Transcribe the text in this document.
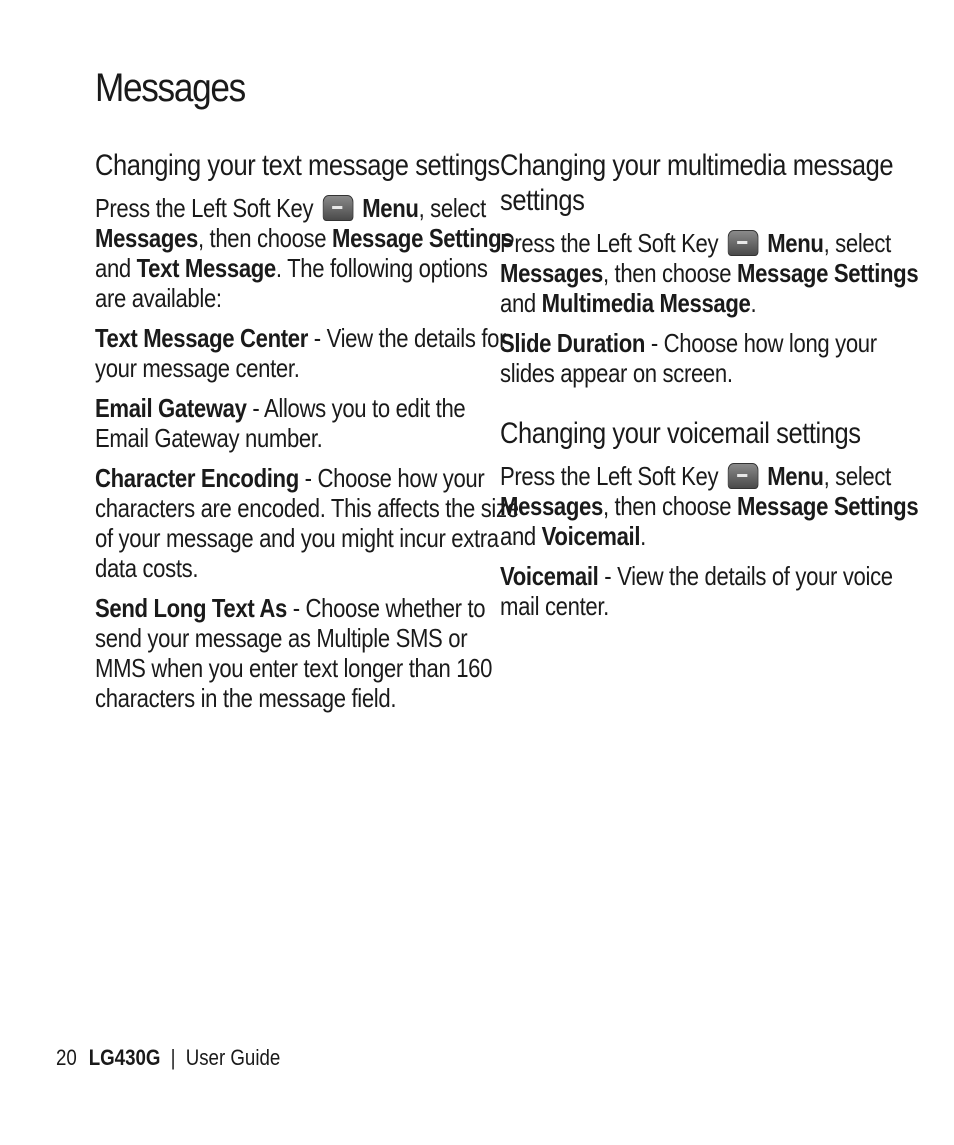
Messages
Changing your text message settings

Press the Left Soft Key  Menu, select Messages, then choose Message Settings and Text Message. The following options are available:

Text Message Center - View the details for your message center.

Email Gateway - Allows you to edit the Email Gateway number.

Character Encoding - Choose how your characters are encoded. This affects the size of your message and you might incur extra data costs.

Send Long Text As - Choose whether to send your message as Multiple SMS or MMS when you enter text longer than 160 characters in the message field.

Changing your multimedia message settings

Press the Left Soft Key  Menu, select Messages, then choose Message Settings and Multimedia Message.

Slide Duration - Choose how long your slides appear on screen.

Changing your voicemail settings

Press the Left Soft Key  Menu, select Messages, then choose Message Settings and Voicemail.

Voicemail - View the details of your voice mail center.

20 LG430G | User Guide
